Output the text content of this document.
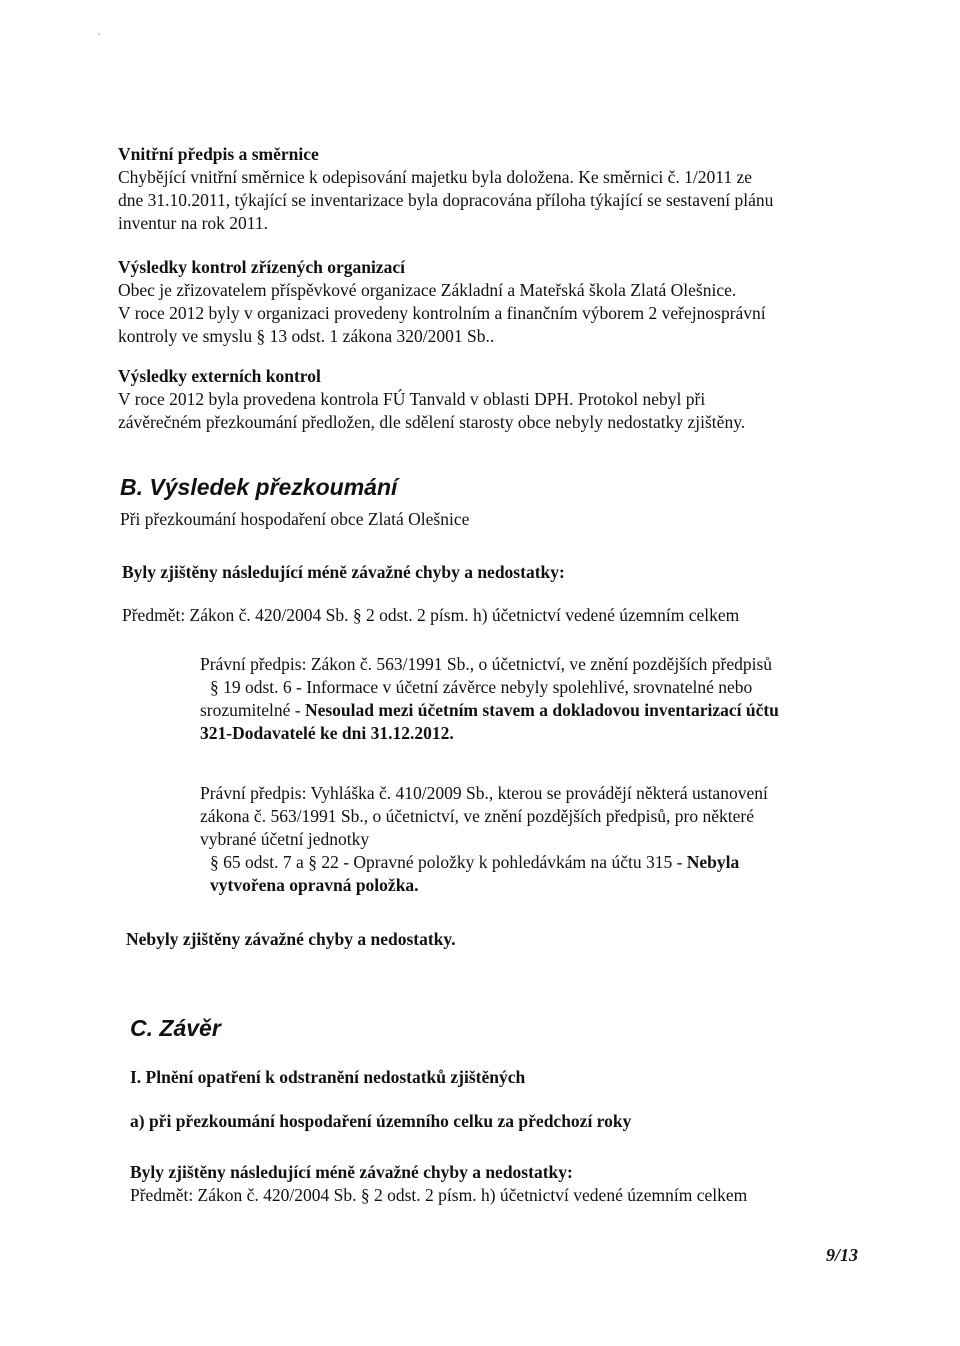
Vnitřní předpis a směrnice
Chybějící vnitřní směrnice k odepisování majetku byla doložena. Ke směrnici č. 1/2011 ze
dne 31.10.2011, týkající se inventarizace byla dopracována příloha týkající se sestavení plánu
inventur na rok 2011.
Výsledky kontrol zřízených organizací
Obec je zřizovatelem příspěvkové organizace Základní a Mateřská škola Zlatá Olešnice.
V roce 2012 byly v organizaci provedeny kontrolním a finančním výborem 2 veřejnosprávní
kontroly ve smyslu § 13 odst. 1 zákona 320/2001 Sb..
Výsledky externích kontrol
V roce 2012 byla provedena kontrola FÚ Tanvald v oblasti DPH. Protokol nebyl při
závěrečném přezkoumání předložen, dle sdělení starosty obce nebyly nedostatky zjištěny.
B. Výsledek přezkoumání
Při přezkoumání hospodaření obce Zlatá Olešnice
Byly zjištěny následující méně závažné chyby a nedostatky:
Předmět: Zákon č. 420/2004 Sb. § 2 odst. 2 písm. h) účetnictví vedené územním celkem
Právní předpis: Zákon č. 563/1991 Sb., o účetnictví, ve znění pozdějších předpisů
§ 19 odst. 6 - Informace v účetní závěrce nebyly spolehlivé, srovnatelné nebo
srozumitelné - Nesoulad mezi účetním stavem a dokladovou inventarizací účtu
321-Dodavatelé ke dni 31.12.2012.
Právní předpis: Vyhláška č. 410/2009 Sb., kterou se provádějí některá ustanovení
zákona č. 563/1991 Sb., o účetnictví, ve znění pozdějších předpisů, pro některé
vybrané účetní jednotky
§ 65 odst. 7 a § 22 - Opravné položky k pohledávkám na účtu 315 - Nebyla
vytvořena opravná položka.
Nebyly zjištěny závažné chyby a nedostatky.
C. Závěr
I. Plnění opatření k odstranění nedostatků zjištěných
a) při přezkoumání hospodaření územního celku za předchozí roky
Byly zjištěny následující méně závažné chyby a nedostatky:
Předmět: Zákon č. 420/2004 Sb. § 2 odst. 2 písm. h) účetnictví vedené územním celkem
9/13
